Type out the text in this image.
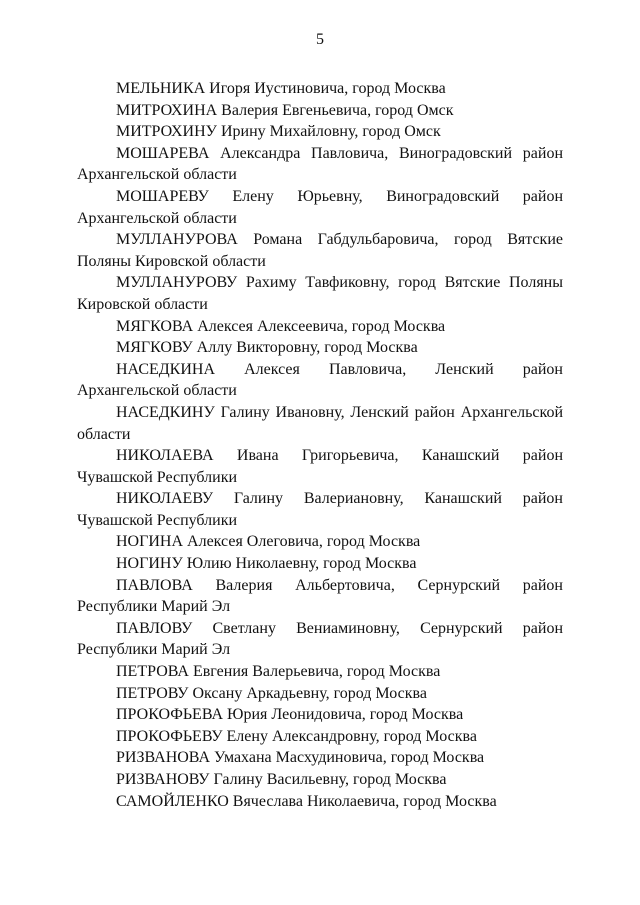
5

МЕЛЬНИКА Игоря Иустиновича, город Москва

МИТРОХИНА Валерия Евгеньевича, город Омск

МИТРОХИНУ Ирину Михайловну, город Омск

МОШАРЕВА Александра Павловича, Виноградовский район Архангельской области

МОШАРЕВУ Елену Юрьевну, Виноградовский район Архангельской области

МУЛЛАНУРОВА Романа Габдульбаровича, город Вятские Поляны Кировской области

МУЛЛАНУРОВУ Рахиму Тавфиковну, город Вятские Поляны Кировской области

МЯГКОВА Алексея Алексеевича, город Москва

МЯГКОВУ Аллу Викторовну, город Москва

НАСЕДКИНА Алексея Павловича, Ленский район Архангельской области

НАСЕДКИНУ Галину Ивановну, Ленский район Архангельской области

НИКОЛАЕВА Ивана Григорьевича, Канашский район Чувашской Республики

НИКОЛАЕВУ Галину Валериановну, Канашский район Чувашской Республики

НОГИНА Алексея Олеговича, город Москва

НОГИНУ Юлию Николаевну, город Москва

ПАВЛОВА Валерия Альбертовича, Сернурский район Республики Марий Эл

ПАВЛОВУ Светлану Вениаминовну, Сернурский район Республики Марий Эл

ПЕТРОВА Евгения Валерьевича, город Москва

ПЕТРОВУ Оксану Аркадьевну, город Москва

ПРОКОФЬЕВА Юрия Леонидовича, город Москва

ПРОКОФЬЕВУ Елену Александровну, город Москва

РИЗВАНОВА Умахана Масхудиновича, город Москва

РИЗВАНОВУ Галину Васильевну, город Москва

САМОЙЛЕНКО Вячеслава Николаевича, город Москва
